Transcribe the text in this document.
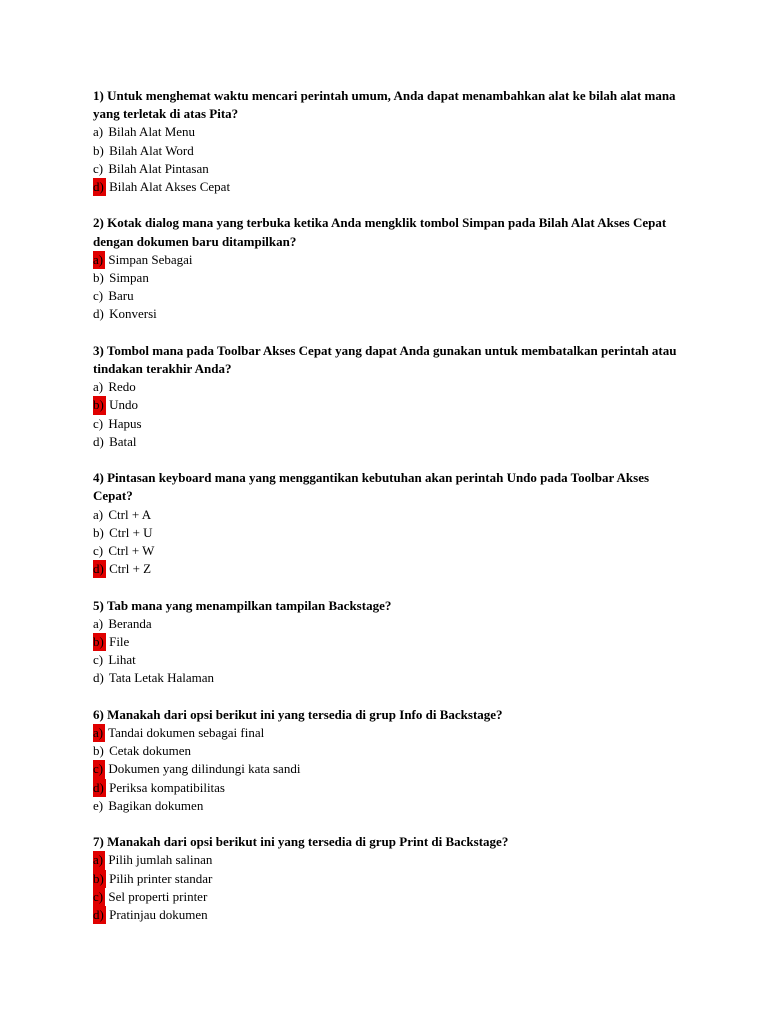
1) Untuk menghemat waktu mencari perintah umum, Anda dapat menambahkan alat ke bilah alat mana yang terletak di atas Pita?

a) Bilah Alat Menu
b) Bilah Alat Word
c) Bilah Alat Pintasan
d) Bilah Alat Akses Cepat

2) Kotak dialog mana yang terbuka ketika Anda mengklik tombol Simpan pada Bilah Alat Akses Cepat dengan dokumen baru ditampilkan?

a) Simpan Sebagai
b) Simpan
c) Baru
d) Konversi

3) Tombol mana pada Toolbar Akses Cepat yang dapat Anda gunakan untuk membatalkan perintah atau tindakan terakhir Anda?

a) Redo
b) Undo
c) Hapus
d) Batal

4) Pintasan keyboard mana yang menggantikan kebutuhan akan perintah Undo pada Toolbar Akses Cepat?

a) Ctrl + A
b) Ctrl + U
c) Ctrl + W
d) Ctrl + Z

5) Tab mana yang menampilkan tampilan Backstage?

a) Beranda
b) File
c) Lihat
d) Tata Letak Halaman

6) Manakah dari opsi berikut ini yang tersedia di grup Info di Backstage?

a) Tandai dokumen sebagai final
b) Cetak dokumen
c) Dokumen yang dilindungi kata sandi
d) Periksa kompatibilitas
e) Bagikan dokumen

7) Manakah dari opsi berikut ini yang tersedia di grup Print di Backstage?

a) Pilih jumlah salinan
b) Pilih printer standar
c) Sel properti printer
d) Pratinjau dokumen
